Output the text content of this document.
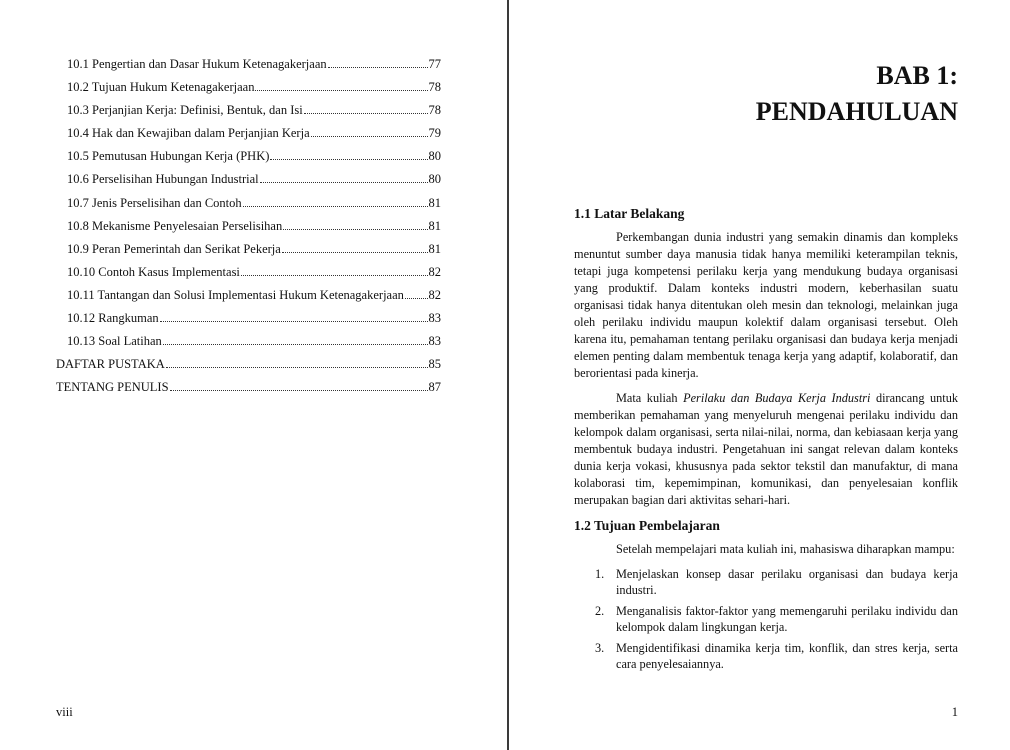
10.1 Pengertian dan Dasar Hukum Ketenagakerjaan	77
10.2 Tujuan Hukum Ketenagakerjaan	78
10.3 Perjanjian Kerja: Definisi, Bentuk, dan Isi	78
10.4 Hak dan Kewajiban dalam Perjanjian Kerja	79
10.5 Pemutusan Hubungan Kerja (PHK)	80
10.6 Perselisihan Hubungan Industrial	80
10.7 Jenis Perselisihan dan Contoh	81
10.8 Mekanisme Penyelesaian Perselisihan	81
10.9 Peran Pemerintah dan Serikat Pekerja	81
10.10 Contoh Kasus Implementasi	82
10.11 Tantangan dan Solusi Implementasi Hukum Ketenagakerjaan 82
10.12 Rangkuman	83
10.13 Soal Latihan	83
DAFTAR PUSTAKA	85
TENTANG PENULIS	87
viii
BAB 1:
PENDAHULUAN
1.1 Latar Belakang

Perkembangan dunia industri yang semakin dinamis dan kompleks menuntut sumber daya manusia tidak hanya memiliki keterampilan teknis, tetapi juga kompetensi perilaku kerja yang mendukung budaya organisasi yang produktif. Dalam konteks industri modern, keberhasilan suatu organisasi tidak hanya ditentukan oleh mesin dan teknologi, melainkan juga oleh perilaku individu maupun kolektif dalam organisasi tersebut. Oleh karena itu, pemahaman tentang perilaku organisasi dan budaya kerja menjadi elemen penting dalam membentuk tenaga kerja yang adaptif, kolaboratif, dan berorientasi pada kinerja.

Mata kuliah Perilaku dan Budaya Kerja Industri dirancang untuk memberikan pemahaman yang menyeluruh mengenai perilaku individu dan kelompok dalam organisasi, serta nilai-nilai, norma, dan kebiasaan kerja yang membentuk budaya industri. Pengetahuan ini sangat relevan dalam konteks dunia kerja vokasi, khususnya pada sektor tekstil dan manufaktur, di mana kolaborasi tim, kepemimpinan, komunikasi, dan penyelesaian konflik merupakan bagian dari aktivitas sehari-hari.

1.2 Tujuan Pembelajaran

Setelah mempelajari mata kuliah ini, mahasiswa diharapkan mampu:

1. Menjelaskan konsep dasar perilaku organisasi dan budaya kerja industri.
2. Menganalisis faktor-faktor yang memengaruhi perilaku individu dan kelompok dalam lingkungan kerja.
3. Mengidentifikasi dinamika kerja tim, konflik, dan stres kerja, serta cara penyelesaiannya.
1
